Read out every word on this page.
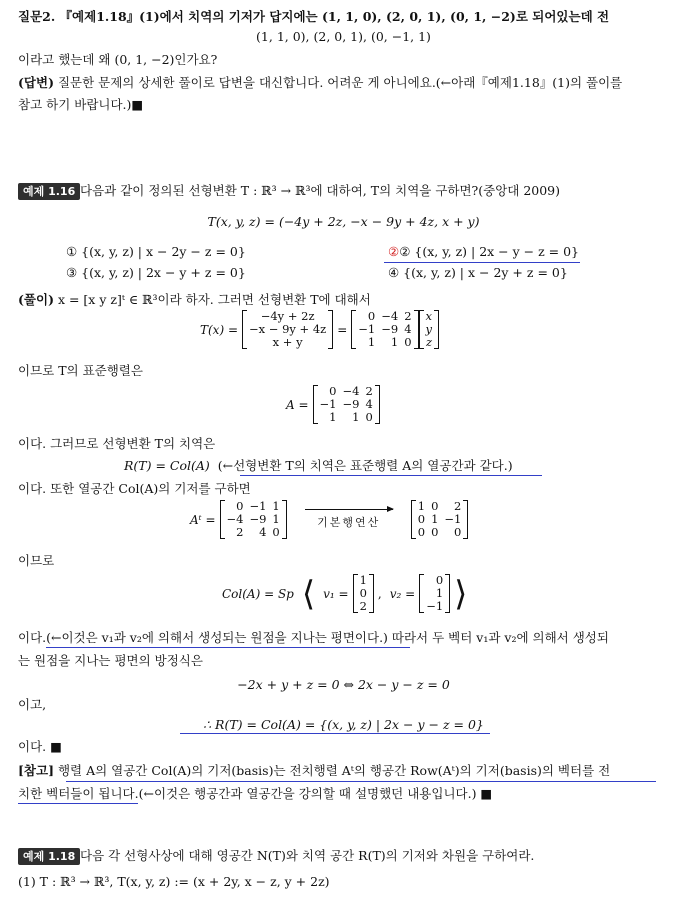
질문2. 『예제1.18』(1)에서 치역의 기저가 답지에는 (1, 1, 0), (2, 0, 1), (0, 1, −2)로 되어있는데 전
(1, 1, 0), (2, 0, 1), (0, −1, 1)
이라고 했는데 왜 (0, 1, −2)인가요?
(답변) 질문한 문제의 상세한 풀이로 답변을 대신합니다. 어려운 게 아니에요.(←아래『예제1.18』(1)의 풀이를
참고 하기 바랍니다.)■
예제 1.16 다음과 같이 정의된 선형변환 T : ℝ³ → ℝ³에 대하여, T의 치역을 구하면?(중앙대 2009)
T(x, y, z) = (−4y + 2z, −x − 9y + 4z, x + y)
① {(x, y, z) | x − 2y − z = 0}	②② {(x, y, z) | 2x − y − z = 0}
③ {(x, y, z) | 2x − y + z = 0}	④ {(x, y, z) | x − 2y + z = 0}
(풀이) x = [x y z]ᵗ ∈ ℝ³이라 하자. 그러면 선형변환 T에 대해서
T(x) =
−4y + 2z
−x − 9y + 4z
x + y
=
0	−4	2
−1	−9	4
1	1	0
x
y
z
이므로 T의 표준행렬은
A =
0	−4	2
−1	−9	4
1	1	0
이다. 그러므로 선형변환 T의 치역은
R(T) = Col(A) (←선형변환 T의 치역은 표준행렬 A의 열공간과 같다.)
이다. 또한 열공간 Col(A)의 기저를 구하면
Aᵗ =
0	−1	1
−4	−9	1
2	4	0
기본행연산
1	0	2
0	1	−1
0	0	0
이므로
Col(A) = Sp ⟨ v₁ =
1
0
2
, v₂ =
0
1
−1 ⟩
이다.(←이것은 v₁과 v₂에 의해서 생성되는 원점을 지나는 평면이다.) 따라서 두 벡터 v₁과 v₂에 의해서 생성되
는 원점을 지나는 평면의 방정식은
−2x + y + z = 0 ⇔ 2x − y − z = 0
이고,
∴ R(T) = Col(A) = {(x, y, z) | 2x − y − z = 0}
이다. ■
[참고] 행렬 A의 열공간 Col(A)의 기저(basis)는 전치행렬 Aᵗ의 행공간 Row(Aᵗ)의 기저(basis)의 벡터를 전
치한 벡터들이 됩니다.(←이것은 행공간과 열공간을 강의할 때 설명했던 내용입니다.) ■
예제 1.18 다음 각 선형사상에 대해 영공간 N(T)와 치역 공간 R(T)의 기저와 차원을 구하여라.
(1) T : ℝ³ → ℝ³, T(x, y, z) := (x + 2y, x − z, y + 2z)
